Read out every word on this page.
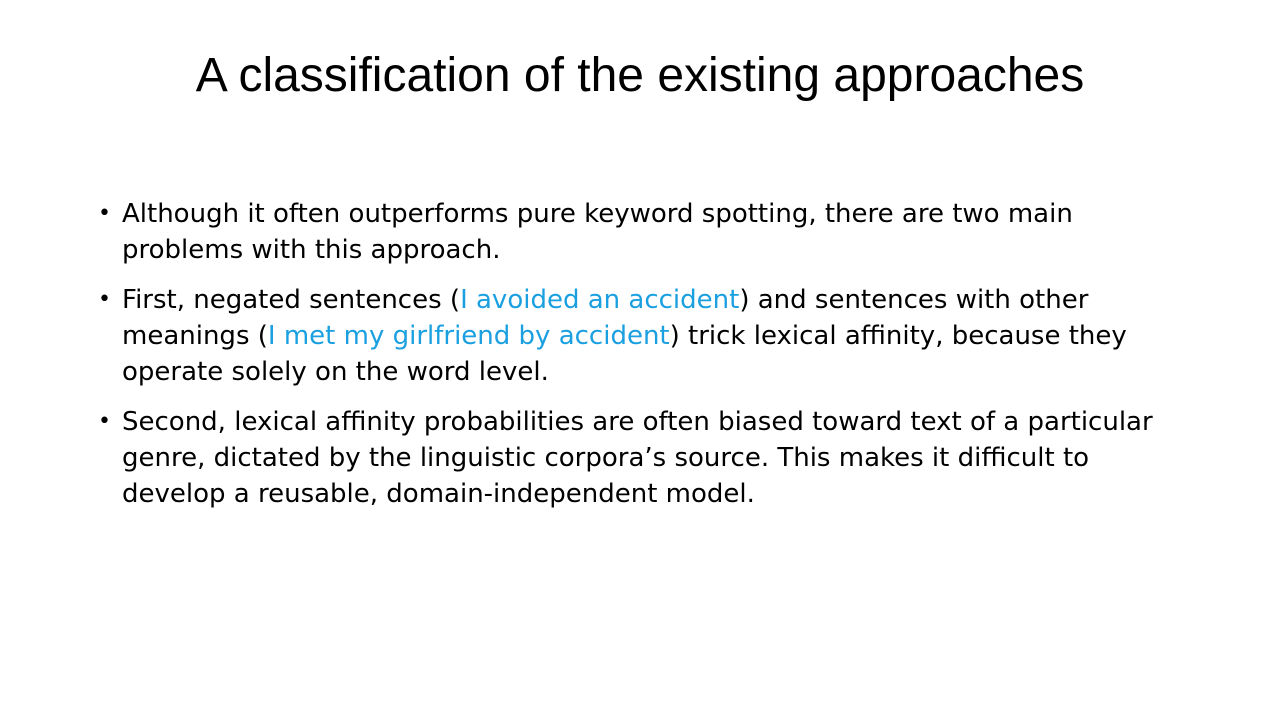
A classification of the existing approaches
• Although it often outperforms pure keyword spotting, there are two main problems with this approach.
• First, negated sentences (I avoided an accident) and sentences with other meanings (I met my girlfriend by accident) trick lexical affinity, because they operate solely on the word level.
• Second, lexical affinity probabilities are often biased toward text of a particular genre, dictated by the linguistic corpora’s source. This makes it difficult to develop a reusable, domain-independent model.
